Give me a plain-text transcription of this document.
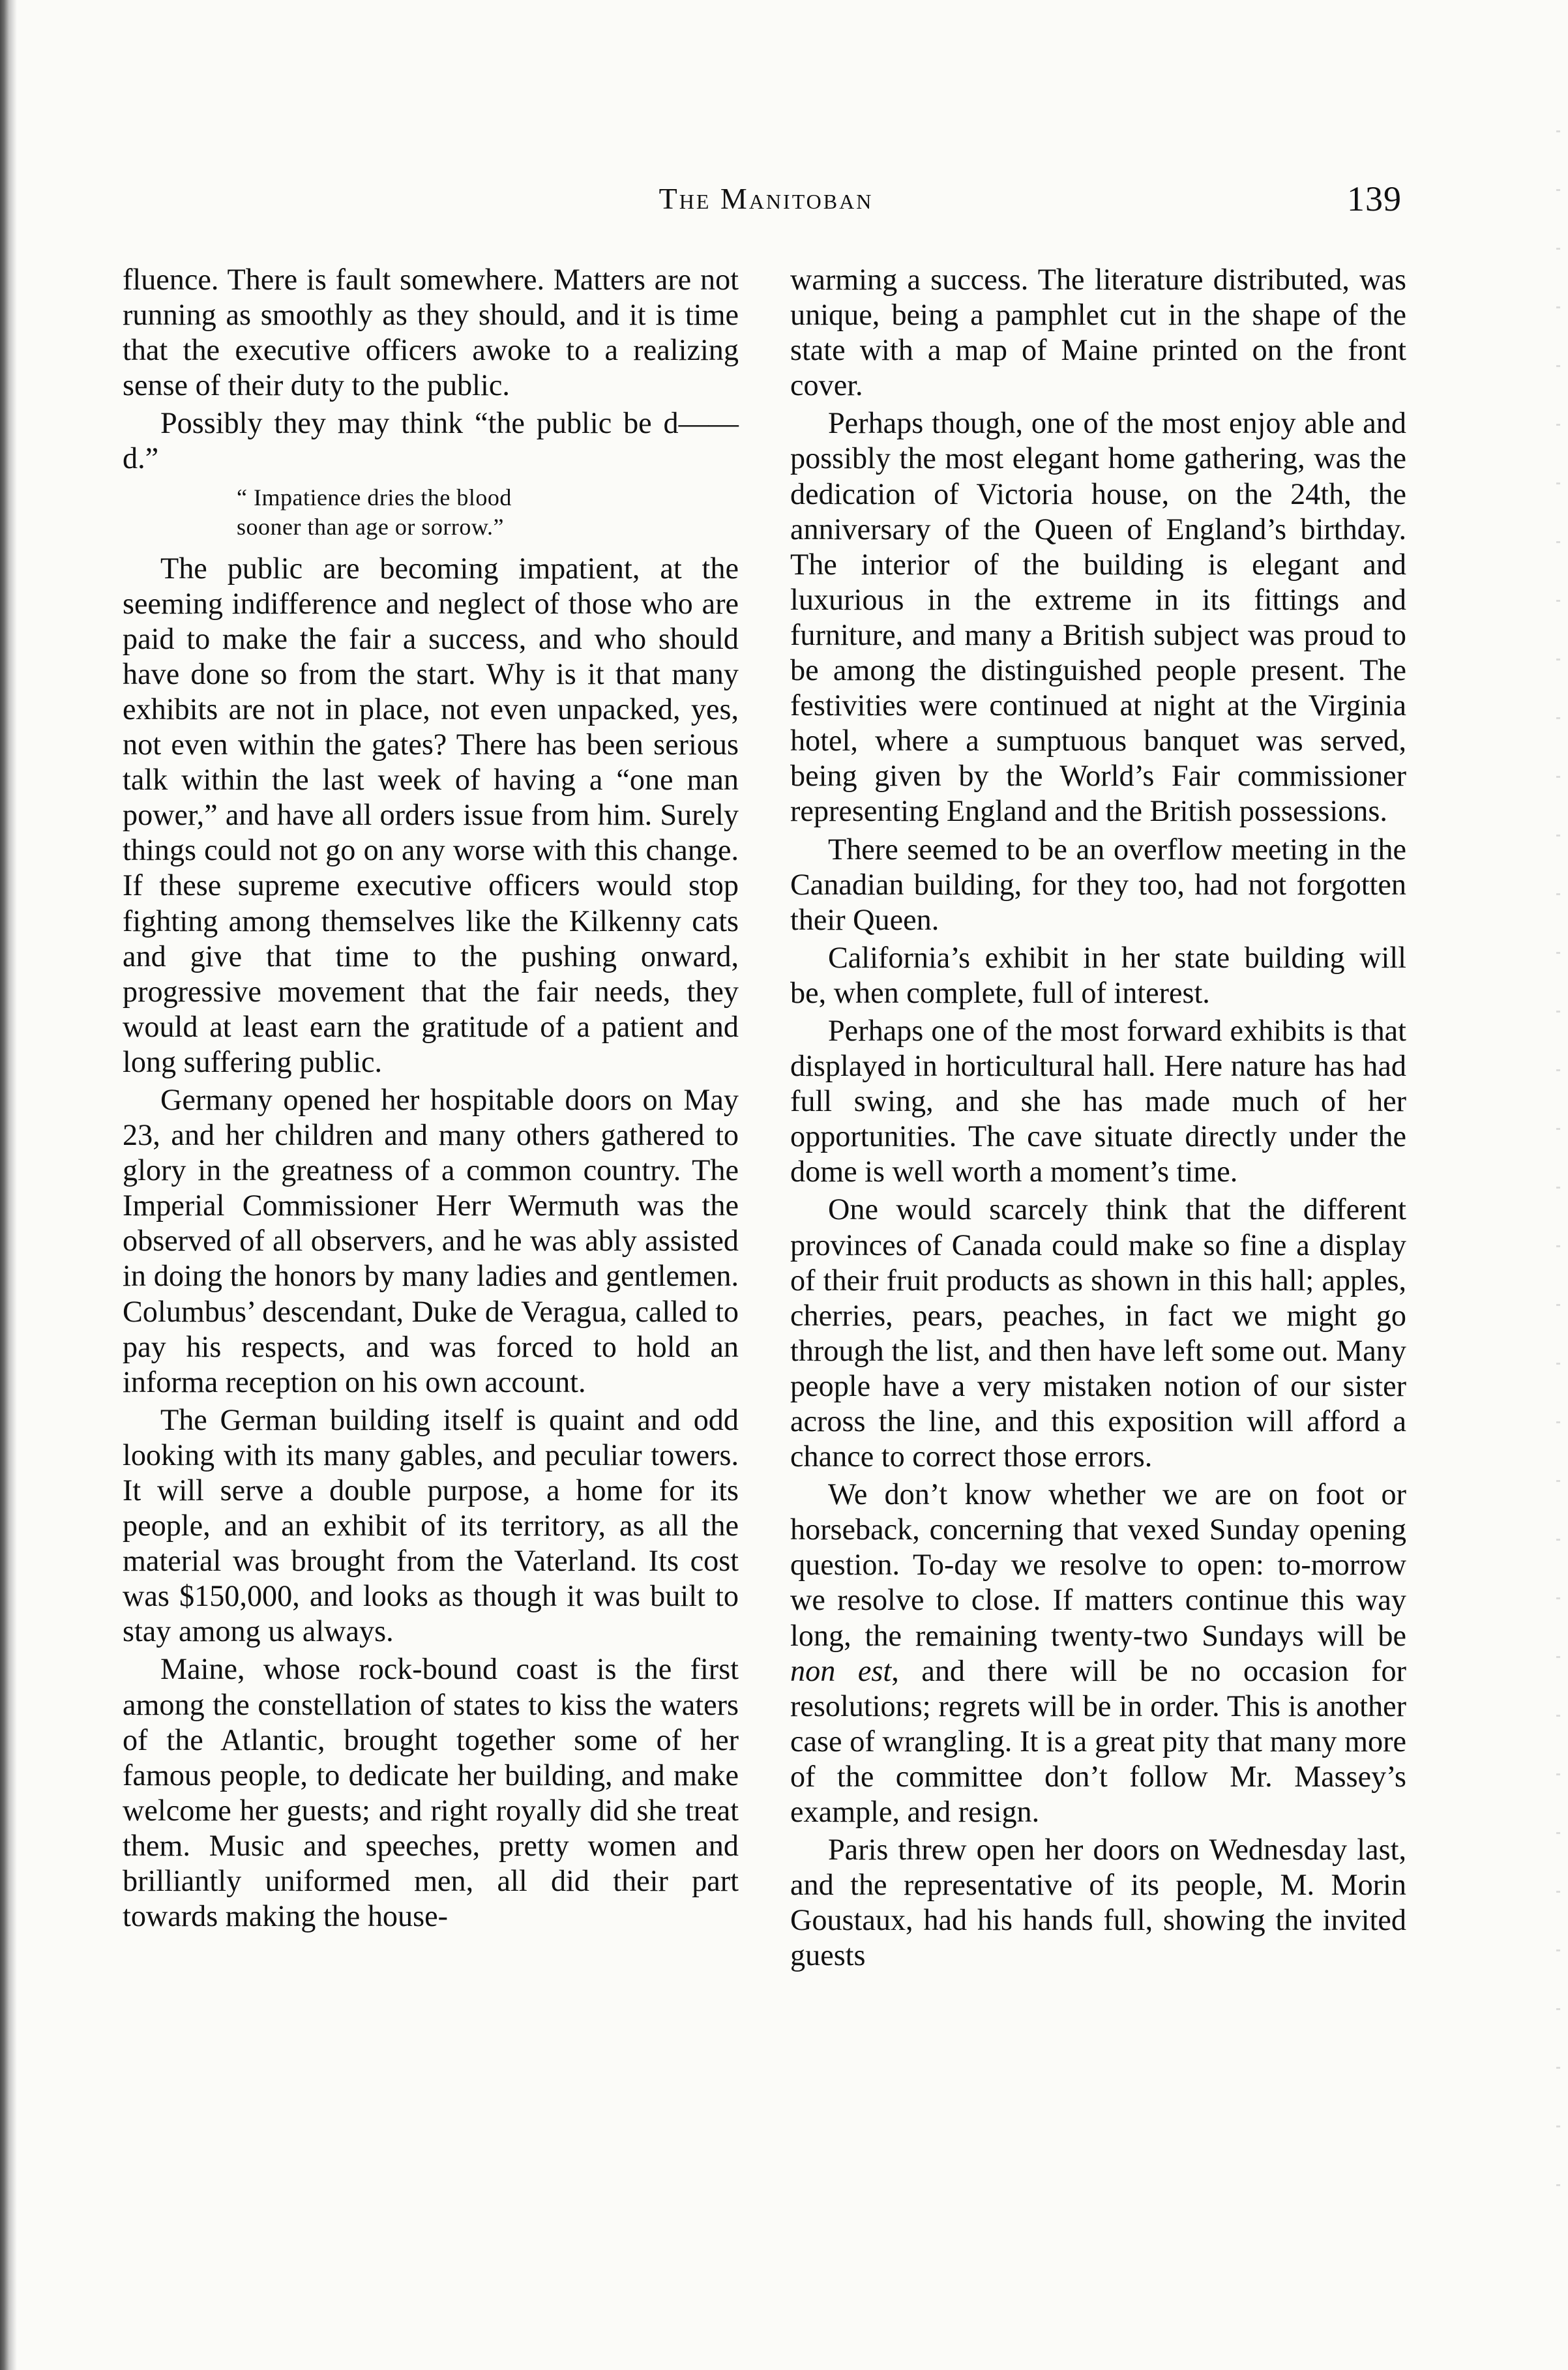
The Manitoban	139

fluence. There is fault somewhere. Matters are not running as smoothly as they should, and it is time that the executive officers awoke to a realizing sense of their duty to the public.

Possibly they may think “the public be d——d.”

“ Impatience dries the blood
sooner than age or sorrow.”

The public are becoming impatient, at the seeming indifference and neglect of those who are paid to make the fair a success, and who should have done so from the start. Why is it that many exhibits are not in place, not even unpacked, yes, not even within the gates? There has been serious talk within the last week of having a “one man power,” and have all orders issue from him. Surely things could not go on any worse with this change. If these supreme executive officers would stop fighting among themselves like the Kilkenny cats and give that time to the pushing onward, progressive movement that the fair needs, they would at least earn the gratitude of a patient and long suffering public.

Germany opened her hospitable doors on May 23, and her children and many others gathered to glory in the greatness of a common country. The Imperial Commissioner Herr Wermuth was the observed of all observers, and he was ably assisted in doing the honors by many ladies and gentlemen. Columbus’ descendant, Duke de Veragua, called to pay his respects, and was forced to hold an informa reception on his own account.

The German building itself is quaint and odd looking with its many gables, and peculiar towers. It will serve a double purpose, a home for its people, and an exhibit of its territory, as all the material was brought from the Vaterland. Its cost was $150,000, and looks as though it was built to stay among us always.

Maine, whose rock-bound coast is the first among the constellation of states to kiss the waters of the Atlantic, brought together some of her famous people, to dedicate her building, and make welcome her guests; and right royally did she treat them. Music and speeches, pretty women and brilliantly uniformed men, all did their part towards making the house-

warming a success. The literature distributed, was unique, being a pamphlet cut in the shape of the state with a map of Maine printed on the front cover.

Perhaps though, one of the most enjoy able and possibly the most elegant home gathering, was the dedication of Victoria house, on the 24th, the anniversary of the Queen of England’s birthday. The interior of the building is elegant and luxurious in the extreme in its fittings and furniture, and many a British subject was proud to be among the distinguished people present. The festivities were continued at night at the Virginia hotel, where a sumptuous banquet was served, being given by the World’s Fair commissioner representing England and the British possessions.

There seemed to be an overflow meeting in the Canadian building, for they too, had not forgotten their Queen.

California’s exhibit in her state building will be, when complete, full of interest.

Perhaps one of the most forward exhibits is that displayed in horticultural hall. Here nature has had full swing, and she has made much of her opportunities. The cave situate directly under the dome is well worth a moment’s time.

One would scarcely think that the different provinces of Canada could make so fine a display of their fruit products as shown in this hall; apples, cherries, pears, peaches, in fact we might go through the list, and then have left some out. Many people have a very mistaken notion of our sister across the line, and this exposition will afford a chance to correct those errors.

We don’t know whether we are on foot or horseback, concerning that vexed Sunday opening question. To-day we resolve to open: to-morrow we resolve to close. If matters continue this way long, the remaining twenty-two Sundays will be non est, and there will be no occasion for resolutions; regrets will be in order. This is another case of wrangling. It is a great pity that many more of the committee don’t follow Mr. Massey’s example, and resign.

Paris threw open her doors on Wednesday last, and the representative of its people, M. Morin Goustaux, had his hands full, showing the invited guests
